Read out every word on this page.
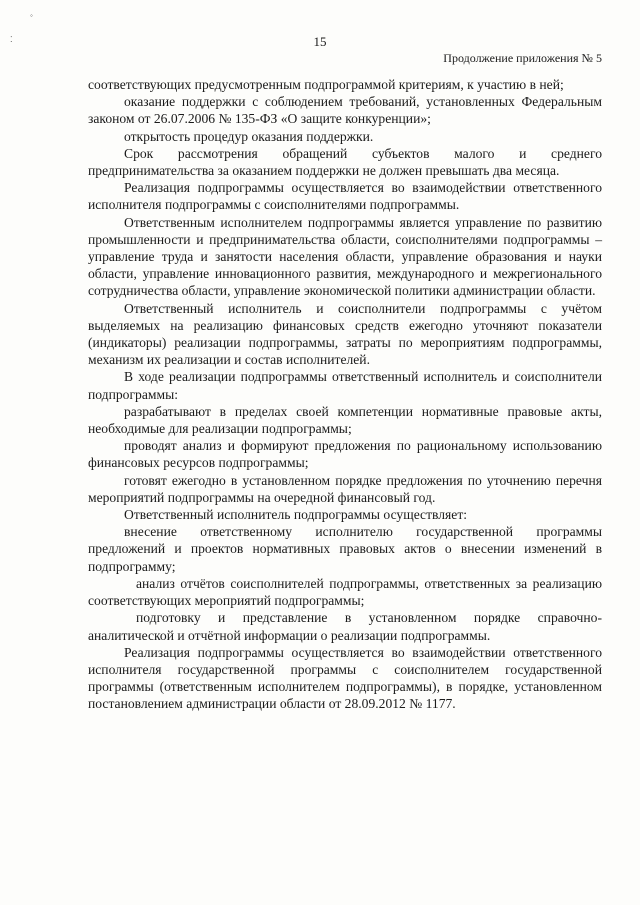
◦
⁚	15
Продолжение приложения № 5

соответствующих предусмотренным подпрограммой критериям, к участию в ней;

оказание поддержки с соблюдением требований, установленных Федеральным законом от 26.07.2006 № 135-ФЗ «О защите конкуренции»;

открытость процедур оказания поддержки.

Срок рассмотрения обращений субъектов малого и среднего предпринимательства за оказанием поддержки не должен превышать два месяца.

Реализация подпрограммы осуществляется во взаимодействии ответственного исполнителя подпрограммы с соисполнителями подпрограммы.

Ответственным исполнителем подпрограммы является управление по развитию промышленности и предпринимательства области, соисполнителями подпрограммы – управление труда и занятости населения области, управление образования и науки области, управление инновационного развития, международного и межрегионального сотрудничества области, управление экономической политики администрации области.

Ответственный исполнитель и соисполнители подпрограммы с учётом выделяемых на реализацию финансовых средств ежегодно уточняют показатели (индикаторы) реализации подпрограммы, затраты по мероприятиям подпрограммы, механизм их реализации и состав исполнителей.

В ходе реализации подпрограммы ответственный исполнитель и соисполнители подпрограммы:

разрабатывают в пределах своей компетенции нормативные правовые акты, необходимые для реализации подпрограммы;

проводят анализ и формируют предложения по рациональному использованию финансовых ресурсов подпрограммы;

готовят ежегодно в установленном порядке предложения по уточнению перечня мероприятий подпрограммы на очередной финансовый год.

Ответственный исполнитель подпрограммы осуществляет:

внесение ответственному исполнителю государственной программы предложений и проектов нормативных правовых актов о внесении изменений в подпрограмму;

анализ отчётов соисполнителей подпрограммы, ответственных за реализацию соответствующих мероприятий подпрограммы;

подготовку и представление в установленном порядке справочно-аналитической и отчётной информации о реализации подпрограммы.

Реализация подпрограммы осуществляется во взаимодействии ответственного исполнителя государственной программы с соисполнителем государственной программы (ответственным исполнителем подпрограммы), в порядке, установленном постановлением администрации области от 28.09.2012 № 1177.
